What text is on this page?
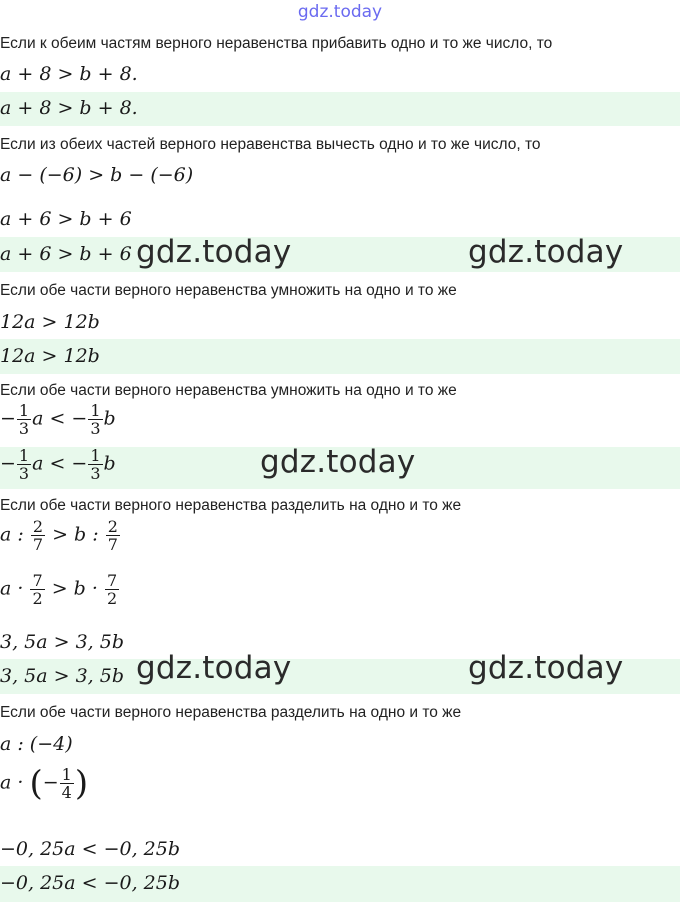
gdz.today
Если к обеим частям верного неравенства прибавить одно и то же число, то
a + 8 > b + 8.
a + 8 > b + 8.
Если из обеих частей верного неравенства вычесть одно и то же число, то
a − (−6) > b − (−6)
a + 6 > b + 6
a + 6 > b + 6 gdz.today	gdz.today
Если обе части верного неравенства умножить на одно и то же
12a > 12b
12a > 12b
Если обе части верного неравенства умножить на одно и то же
− $\frac{1}{3}$ a < − $\frac{1}{3}$ b
− $\frac{1}{3}$ a < − $\frac{1}{3}$ b	gdz.today
Если обе части верного неравенства разделить на одно и то же
a : $\frac{2}{7} > b$ : $\frac{2}{7}$
$a \cdot \frac{7}{2} > b \cdot \frac{7}{2}$
3, 5a > 3, 5b
3, 5a > 3, 5b gdz.today	gdz.today
Если обе части верного неравенства разделить на одно и то же
a : (−4)
a · (− $\frac{1}{4}$ )
−0, 25a < −0, 25b
−0, 25a < −0, 25b
